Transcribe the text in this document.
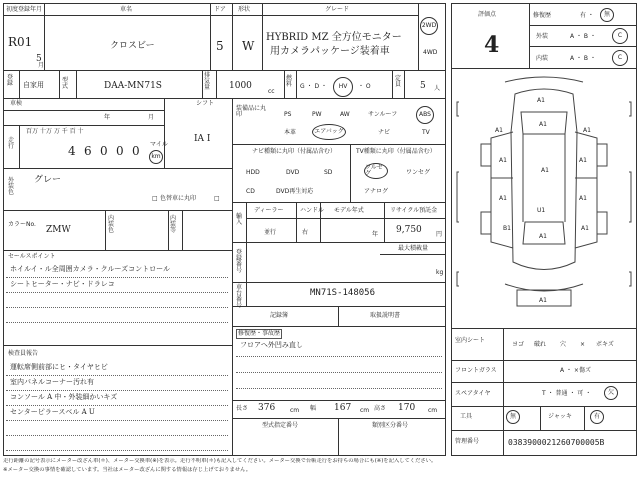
初度登録年月
R01
5
月
車名
クロスビー
ドア
5
形状
W
グレード
HYBRID MZ 全方位モニター
用カメラパッケージ装着車
2WD
4WD
登録 自家用
型式	DAA-MN71S
排気量	1000
cc
燃料	G ・ D ・ HV ・ O
定員 5 人
車検
年	月
シフト
IA I
走行
百万 十万 万 千 百 十
4 6 0 0 0 マイル
km
外装色
グレー
色替車に丸印
□	□
カラーNo.
ZMW
内装色
内装等
セールスポイント
ホイルイ・ル全周囲カメラ・クルーズコントロール
シートヒーター・ナビ・ドラレコ
検査員報告
運転席側前部にヒ・タイヤヒビ
室内パネルコーナー汚れ有
コンソール A 中・外装細かいキズ
センターピラースベル A U
装備品に丸印	PS	PW	AW	サンルーフ	ABS
本革	エアバッグ	ナビ	TV
ナビ種類に丸印（付属品含む）
HDD	DVD	SD
CD	DVD再生対応
TV種類に丸印（付属品含む）
フルセグ	ワンセグ
アナログ
輸入
ディーラー
並行
ハンドル
右
モデル年式
年
リサイクル預託金
9,750 円
登録番号
最大積載量
kg
車台番号
MN71S-148056
記録簿	取扱説明書
修復歴・事故歴
フロアへ外凹み直し
長さ 376 cm 幅 167 cm 高さ 170 cm
型式指定番号	類別区分番号
評価点
4
修復歴	有 ・ 無
外装	A ・ B ・	C
内装	A ・ B ・	C
A1
A1
A1	A1
A1	A1
A1
A1	A1
U1
B1	A1
A1
A1
室内シート
ヨゴ 破れ 穴 × ボキズ
フロントガラス	A ・ ×傷ズ
スペアタイヤ	T ・ 普通 ・ 可 ・	欠
工具	無	ジャッキ	有
管理番号	0383900021260700005B
走行距離の記号表示にメーター改ざん車(＊)、メーター交換車(※)を表示。走行不明車(＊)も記入してください。メーター交換で台帳走行をお持ちの場合にも(※)を記入してください。
※メーター交換の事情を確認しています。当社はメーター改ざんに関する情報は存じ上げておりません。
